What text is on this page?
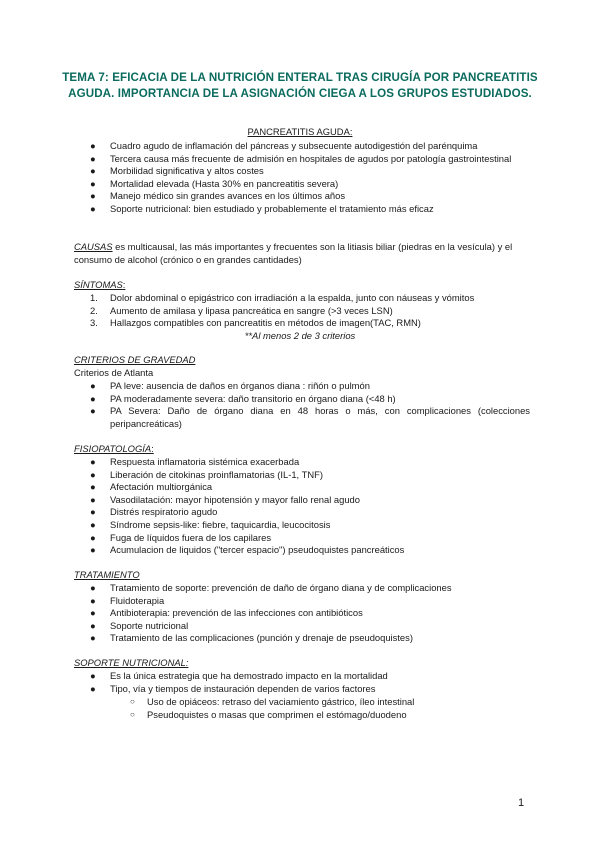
TEMA 7: EFICACIA DE LA NUTRICIÓN ENTERAL TRAS CIRUGÍA POR PANCREATITIS
AGUDA. IMPORTANCIA DE LA ASIGNACIÓN CIEGA A LOS GRUPOS ESTUDIADOS.
PANCREATITIS AGUDA:
● Cuadro agudo de inflamación del páncreas y subsecuente autodigestión del parénquima
● Tercera causa más frecuente de admisión en hospitales de agudos por patología gastrointestinal
● Morbilidad significativa y altos costes
● Mortalidad elevada (Hasta 30% en pancreatitis severa)
● Manejo médico sin grandes avances en los últimos años
● Soporte nutricional: bien estudiado y probablemente el tratamiento más eficaz
CAUSAS es multicausal, las más importantes y frecuentes son la litiasis biliar (piedras en la vesícula) y el consumo de alcohol (crónico o en grandes cantidades)
SÍNTOMAS:
1. Dolor abdominal o epigástrico con irradiación a la espalda, junto con náuseas y vómitos
2. Aumento de amilasa y lipasa pancreática en sangre (>3 veces LSN)
3. Hallazgos compatibles con pancreatitis en métodos de imagen(TAC, RMN)
**Al menos 2 de 3 criterios
CRITERIOS DE GRAVEDAD
Criterios de Atlanta
● PA leve: ausencia de daños en órganos diana : riñón o pulmón
● PA moderadamente severa: daño transitorio en órgano diana (<48 h)
● PA Severa: Daño de órgano diana en 48 horas o más, con complicaciones (colecciones peripancreáticas)
FISIOPATOLOGÍA:
● Respuesta inflamatoria sistémica exacerbada
● Liberación de citokinas proinflamatorias (IL-1, TNF)
● Afectación multiorgánica
● Vasodilatación: mayor hipotensión y mayor fallo renal agudo
● Distrés respiratorio agudo
● Síndrome sepsis-like: fiebre, taquicardia, leucocitosis
● Fuga de líquidos fuera de los capilares
● Acumulacion de liquidos ("tercer espacio") pseudoquistes pancreáticos
TRATAMIENTO
● Tratamiento de soporte: prevención de daño de órgano diana y de complicaciones
● Fluidoterapia
● Antibioterapia: prevención de las infecciones con antibióticos
● Soporte nutricional
● Tratamiento de las complicaciones (punción y drenaje de pseudoquistes)
SOPORTE NUTRICIONAL:
● Es la única estrategia que ha demostrado impacto en la mortalidad
● Tipo, vía y tiempos de instauración dependen de varios factores
○ Uso de opiáceos: retraso del vaciamiento gástrico, íleo intestinal
○ Pseudoquistes o masas que comprimen el estómago/duodeno
1
